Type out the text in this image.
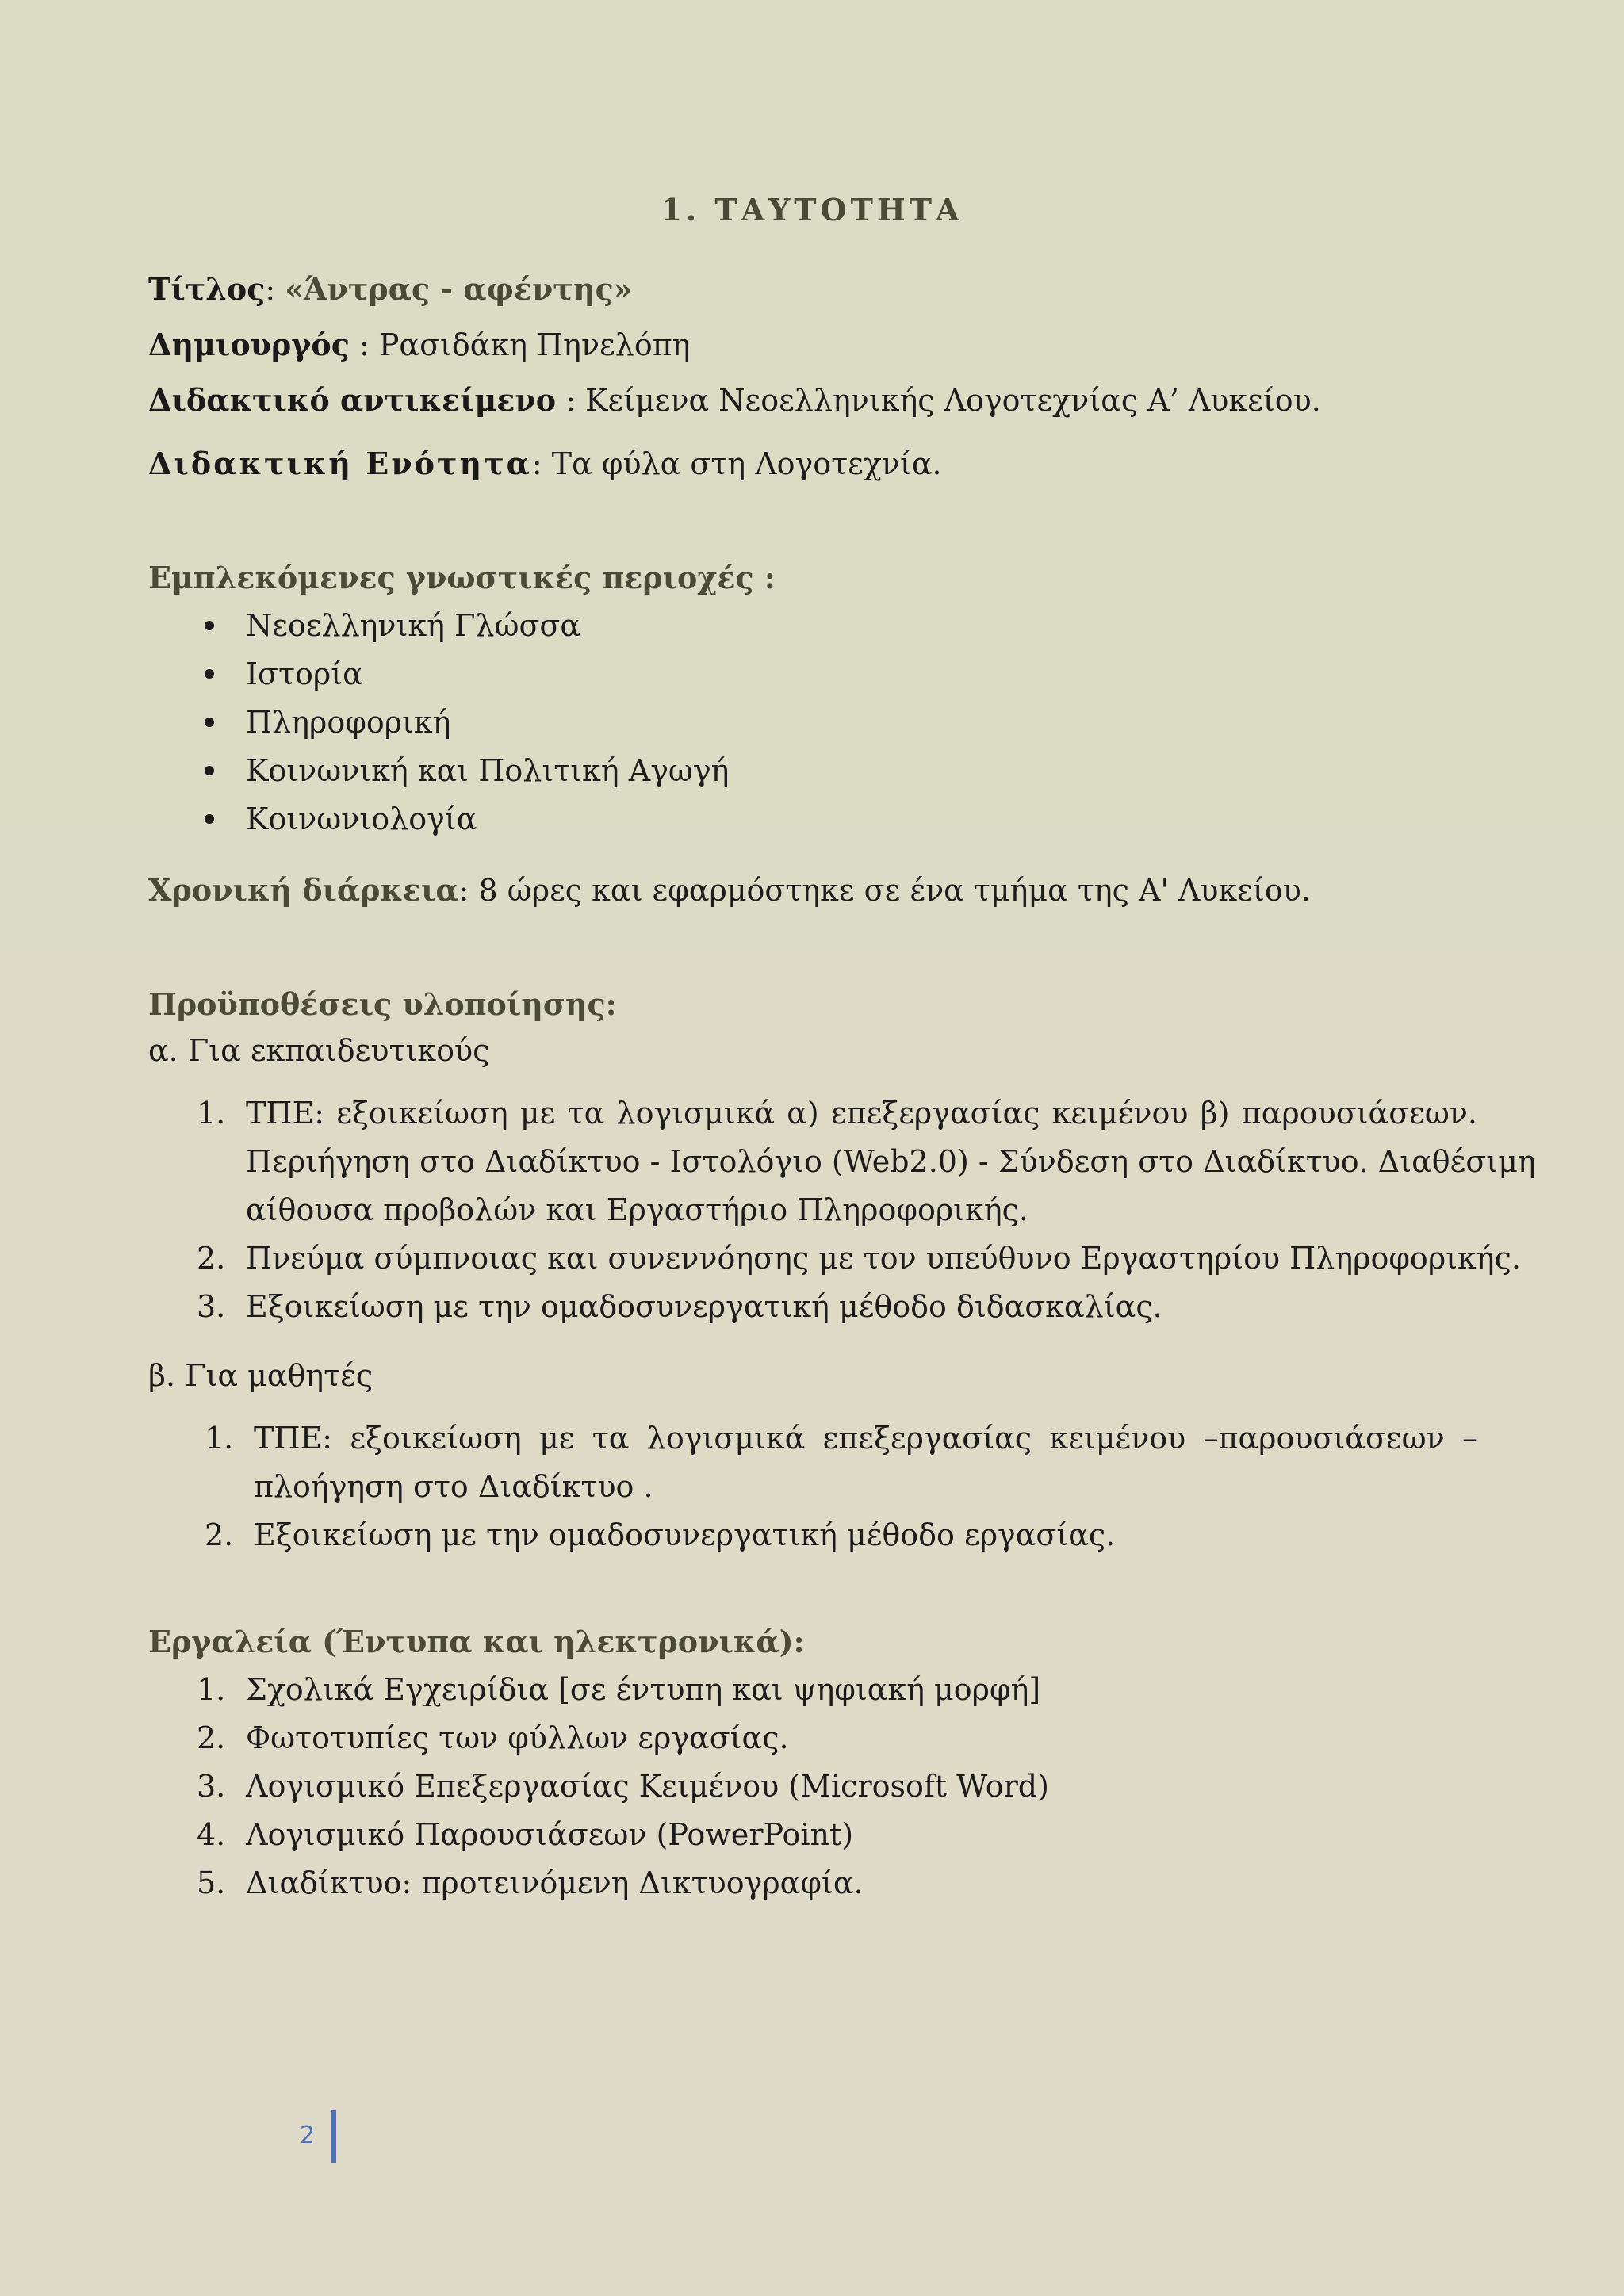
1. ΤΑΥΤΟΤΗΤΑ
Τίτλος: «Άντρας - αφέντης»
Δημιουργός : Ρασιδάκη Πηνελόπη
Διδακτικό αντικείμενο : Κείμενα Νεοελληνικής Λογοτεχνίας Α’ Λυκείου.
Διδακτική Ενότητα: Τα φύλα στη Λογοτεχνία.
Εμπλεκόμενες γνωστικές περιοχές :
Νεοελληνική Γλώσσα
Ιστορία
Πληροφορική
Κοινωνική και Πολιτική Αγωγή
Κοινωνιολογία
Χρονική διάρκεια: 8 ώρες και εφαρμόστηκε σε ένα τμήμα της Α' Λυκείου.
Προϋποθέσεις υλοποίησης:
α. Για εκπαιδευτικούς
1. ΤΠΕ: εξοικείωση με τα λογισμικά α) επεξεργασίας κειμένου β) παρουσιάσεων.
Περιήγηση στο Διαδίκτυο - Ιστολόγιο (Web2.0) - Σύνδεση στο Διαδίκτυο. Διαθέσιμη
αίθουσα προβολών και Εργαστήριο Πληροφορικής.
2. Πνεύμα σύμπνοιας και συνεννόησης με τον υπεύθυνο Εργαστηρίου Πληροφορικής.
3. Εξοικείωση με την ομαδοσυνεργατική μέθοδο διδασκαλίας.
β. Για μαθητές
1. ΤΠΕ: εξοικείωση με τα λογισμικά επεξεργασίας κειμένου –παρουσιάσεων –
πλοήγηση στο Διαδίκτυο .
2. Εξοικείωση με την ομαδοσυνεργατική μέθοδο εργασίας.
Εργαλεία (Έντυπα και ηλεκτρονικά):
1. Σχολικά Εγχειρίδια [σε έντυπη και ψηφιακή μορφή]
2. Φωτοτυπίες των φύλλων εργασίας.
3. Λογισμικό Επεξεργασίας Κειμένου (Microsoft Word)
4. Λογισμικό Παρουσιάσεων (PowerPoint)
5. Διαδίκτυο: προτεινόμενη Δικτυογραφία.
2
